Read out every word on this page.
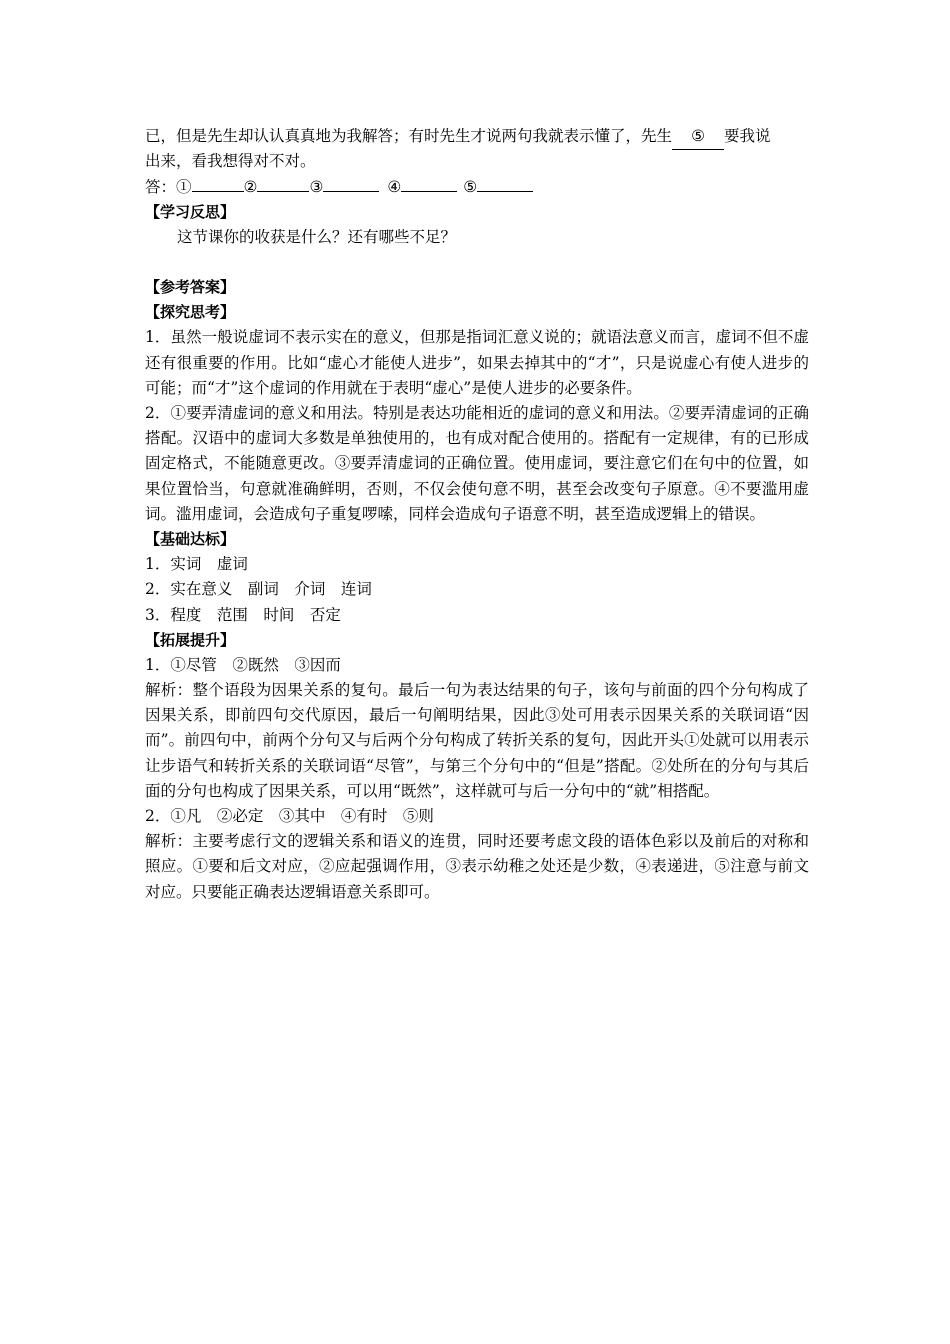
已，但是先生却认认真真地为我解答；有时先生才说两句我就表示懂了，先生 ⑤ 要我说
出来，看我想得对不对。
答：①	②	③	④	⑤
【学习反思】
这节课你的收获是什么？还有哪些不足？
【参考答案】
【探究思考】
1．虽然一般说虚词不表示实在的意义，但那是指词汇意义说的；就语法意义而言，虚词不但不虚还有很重要的作用。比如“虚心才能使人进步”，如果去掉其中的“才”，只是说虚心有使人进步的可能；而“才”这个虚词的作用就在于表明“虚心”是使人进步的必要条件。
2．①要弄清虚词的意义和用法。特别是表达功能相近的虚词的意义和用法。②要弄清虚词的正确搭配。汉语中的虚词大多数是单独使用的，也有成对配合使用的。搭配有一定规律，有的已形成固定格式，不能随意更改。③要弄清虚词的正确位置。使用虚词，要注意它们在句中的位置，如果位置恰当，句意就准确鲜明，否则，不仅会使句意不明，甚至会改变句子原意。④不要滥用虚词。滥用虚词，会造成句子重复啰嗦，同样会造成句子语意不明，甚至造成逻辑上的错误。
【基础达标】
1．实词　虚词
2．实在意义　副词　介词　连词
3．程度　范围　时间　否定
【拓展提升】
1．①尽管　②既然　③因而
解析：整个语段为因果关系的复句。最后一句为表达结果的句子，该句与前面的四个分句构成了因果关系，即前四句交代原因，最后一句阐明结果，因此③处可用表示因果关系的关联词语“因而”。前四句中，前两个分句又与后两个分句构成了转折关系的复句，因此开头①处就可以用表示让步语气和转折关系的关联词语“尽管”，与第三个分句中的“但是”搭配。②处所在的分句与其后面的分句也构成了因果关系，可以用“既然”，这样就可与后一分句中的“就”相搭配。
2．①凡　②必定　③其中　④有时　⑤则
解析：主要考虑行文的逻辑关系和语义的连贯，同时还要考虑文段的语体色彩以及前后的对称和照应。①要和后文对应，②应起强调作用，③表示幼稚之处还是少数，④表递进，⑤注意与前文对应。只要能正确表达逻辑语意关系即可。
